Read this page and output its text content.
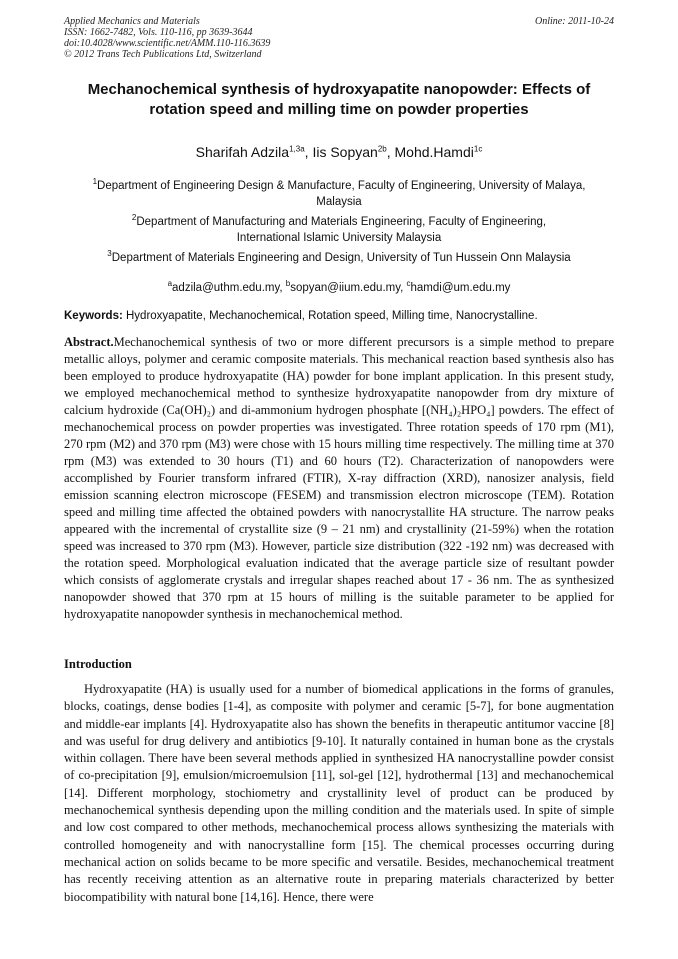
Applied Mechanics and Materials
ISSN: 1662-7482, Vols. 110-116, pp 3639-3644
doi:10.4028/www.scientific.net/AMM.110-116.3639
© 2012 Trans Tech Publications Ltd, Switzerland
Online: 2011-10-24
Mechanochemical synthesis of hydroxyapatite nanopowder: Effects of
rotation speed and milling time on powder properties
Sharifah Adzila$^{1,3a}$, Iis Sopyan$^{2b}$, Mohd.Hamdi$^{1c}$
$^1$Department of Engineering Design & Manufacture, Faculty of Engineering, University of Malaya,
Malaysia
$^2$Department of Manufacturing and Materials Engineering, Faculty of Engineering,
International Islamic University Malaysia
$^3$Department of Materials Engineering and Design, University of Tun Hussein Onn Malaysia
$^a$adzila@uthm.edu.my, $^b$sopyan@iium.edu.my, $^c$hamdi@um.edu.my
Keywords: Hydroxyapatite, Mechanochemical, Rotation speed, Milling time, Nanocrystalline.
Abstract.Mechanochemical synthesis of two or more different precursors is a simple method to prepare metallic alloys, polymer and ceramic composite materials. This mechanical reaction based synthesis also has been employed to produce hydroxyapatite (HA) powder for bone implant application. In this present study, we employed mechanochemical method to synthesize hydroxyapatite nanopowder from dry mixture of calcium hydroxide (Ca(OH)₂) and di-ammonium hydrogen phosphate [(NH₄)₂HPO₄] powders. The effect of mechanochemical process on powder properties was investigated. Three rotation speeds of 170 rpm (M1), 270 rpm (M2) and 370 rpm (M3) were chose with 15 hours milling time respectively. The milling time at 370 rpm (M3) was extended to 30 hours (T1) and 60 hours (T2). Characterization of nanopowders were accomplished by Fourier transform infrared (FTIR), X-ray diffraction (XRD), nanosizer analysis, field emission scanning electron microscope (FESEM) and transmission electron microscope (TEM). Rotation speed and milling time affected the obtained powders with nanocrystallite HA structure. The narrow peaks appeared with the incremental of crystallite size (9 – 21 nm) and crystallinity (21-59%) when the rotation speed was increased to 370 rpm (M3). However, particle size distribution (322 -192 nm) was decreased with the rotation speed. Morphological evaluation indicated that the average particle size of resultant powder which consists of agglomerate crystals and irregular shapes reached about 17 - 36 nm. The as synthesized nanopowder showed that 370 rpm at 15 hours of milling is the suitable parameter to be applied for hydroxyapatite nanopowder synthesis in mechanochemical method.
Introduction
Hydroxyapatite (HA) is usually used for a number of biomedical applications in the forms of granules, blocks, coatings, dense bodies [1-4], as composite with polymer and ceramic [5-7], for bone augmentation and middle-ear implants [4]. Hydroxyapatite also has shown the benefits in therapeutic antitumor vaccine [8] and was useful for drug delivery and antibiotics [9-10]. It naturally contained in human bone as the crystals within collagen. There have been several methods applied in synthesized HA nanocrystalline powder consist of co-precipitation [9], emulsion/microemulsion [11], sol-gel [12], hydrothermal [13] and mechanochemical [14]. Different morphology, stochiometry and crystallinity level of product can be produced by mechanochemical synthesis depending upon the milling condition and the materials used. In spite of simple and low cost compared to other methods, mechanochemical process allows synthesizing the materials with controlled homogeneity and with nanocrystalline form [15]. The chemical processes occurring during mechanical action on solids became to be more specific and versatile. Besides, mechanochemical treatment has recently receiving attention as an alternative route in preparing materials characterized by better biocompatibility with natural bone [14,16]. Hence, there were
